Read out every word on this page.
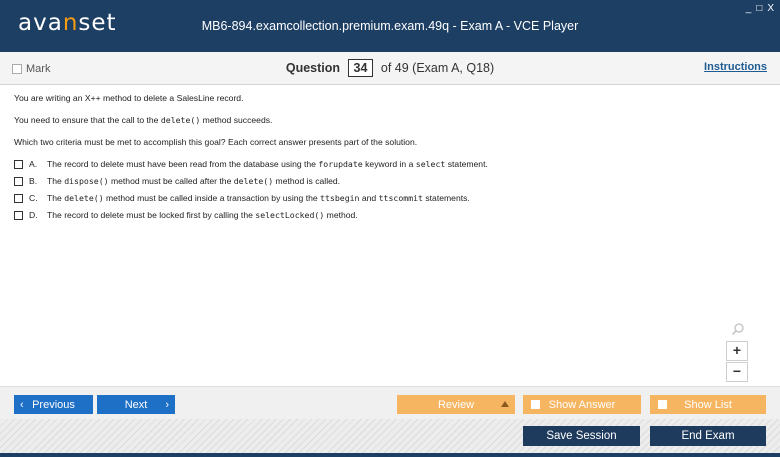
avanset	MB6-894.examcollection.premium.exam.49q - Exam A - VCE Player
_ □ X
Mark	Question 34 of 49 (Exam A, Q18)	Instructions

You are writing an X++ method to delete a SalesLine record.

You need to ensure that the call to the delete() method succeeds.

Which two criteria must be met to accomplish this goal? Each correct answer presents part of the solution.

A.	The record to delete must have been read from the database using the forupdate keyword in a select statement.
B.	The dispose() method must be called after the delete() method is called.
C.	The delete() method must be called inside a transaction by using the ttsbegin and ttscommit statements.
D.	The record to delete must be locked first by calling the selectLocked() method.
+
−
‹ Previous	Next ›	Review	Show Answer	Show List
Save Session	End Exam
